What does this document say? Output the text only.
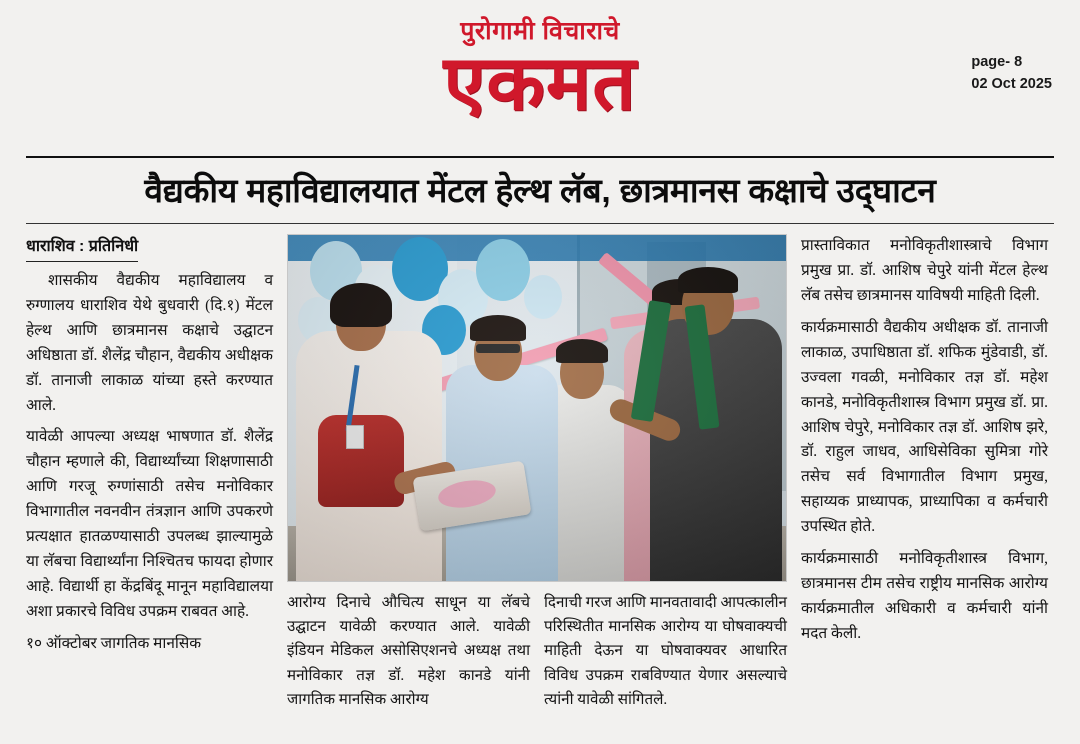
पुरोगामी विचाराचे
एकमत	page- 8
02 Oct 2025
वैद्यकीय महाविद्यालयात मेंटल हेल्थ लॅब, छात्रमानस कक्षाचे उद्‌घाटन
धाराशिव : प्रतिनिधी

शासकीय वैद्यकीय महाविद्यालय व रुग्णालय धाराशिव येथे बुधवारी (दि.१) मेंटल हेल्थ आणि छात्रमानस कक्षाचे उद्घाटन अधिष्ठाता डॉ. शैलेंद्र चौहान, वैद्यकीय अधीक्षक डॉ. तानाजी लाकाळ यांच्या हस्ते करण्यात आले.

यावेळी आपल्या अध्यक्ष भाषणात डॉ. शैलेंद्र चौहान म्हणाले की, विद्यार्थ्यांच्या शिक्षणासाठी आणि गरजू रुग्णांसाठी तसेच मनोविकार विभागातील नवनवीन तंत्रज्ञान आणि उपकरणे प्रत्यक्षात हातळण्यासाठी उपलब्ध झाल्यामुळे या लॅबचा विद्यार्थ्यांना निश्चितच फायदा होणार आहे. विद्यार्थी हा केंद्रबिंदू मानून महाविद्यालया अशा प्रकारचे विविध उपक्रम राबवत आहे.

१० ऑक्टोबर जागतिक मानसिक

आरोग्य दिनाचे औचित्य साधून या लॅबचे उद्घाटन यावेळी करण्यात आले. यावेळी इंडियन मेडिकल असोसिएशनचे अध्यक्ष तथा मनोविकार तज्ञ डॉ. महेश कानडे यांनी जागतिक मानसिक आरोग्य
दिनाची गरज आणि मानवतावादी आपत्कालीन परिस्थितीत मानसिक आरोग्य या घोषवाक्यची माहिती देऊन या घोषवाक्यवर आधारित विविध उपक्रम राबविण्यात येणार असल्याचे त्यांनी यावेळी सांगितले.

प्रास्ताविकात मनोविकृतीशास्त्राचे विभाग प्रमुख प्रा. डॉ. आशिष चेपुरे यांनी मेंटल हेल्थ लॅब तसेच छात्रमानस याविषयी माहिती दिली.

कार्यक्रमासाठी वैद्यकीय अधीक्षक डॉ. तानाजी लाकाळ, उपाधिष्ठाता डॉ. शफिक मुंडेवाडी, डॉ. उज्वला गवळी, मनोविकार तज्ञ डॉ. महेश कानडे, मनोविकृतीशास्त्र विभाग प्रमुख डॉ. प्रा. आशिष चेपुरे, मनोविकार तज्ञ डॉ. आशिष झरे, डॉ. राहुल जाधव, आधिसेविका सुमित्रा गोरे तसेच सर्व विभागातील विभाग प्रमुख, सहाय्यक प्राध्यापक, प्राध्यापिका व कर्मचारी उपस्थित होते.

कार्यक्रमासाठी मनोविकृतीशास्त्र विभाग, छात्रमानस टीम तसेच राष्ट्रीय मानसिक आरोग्य कार्यक्रमातील अधिकारी व कर्मचारी यांनी मदत केली.
